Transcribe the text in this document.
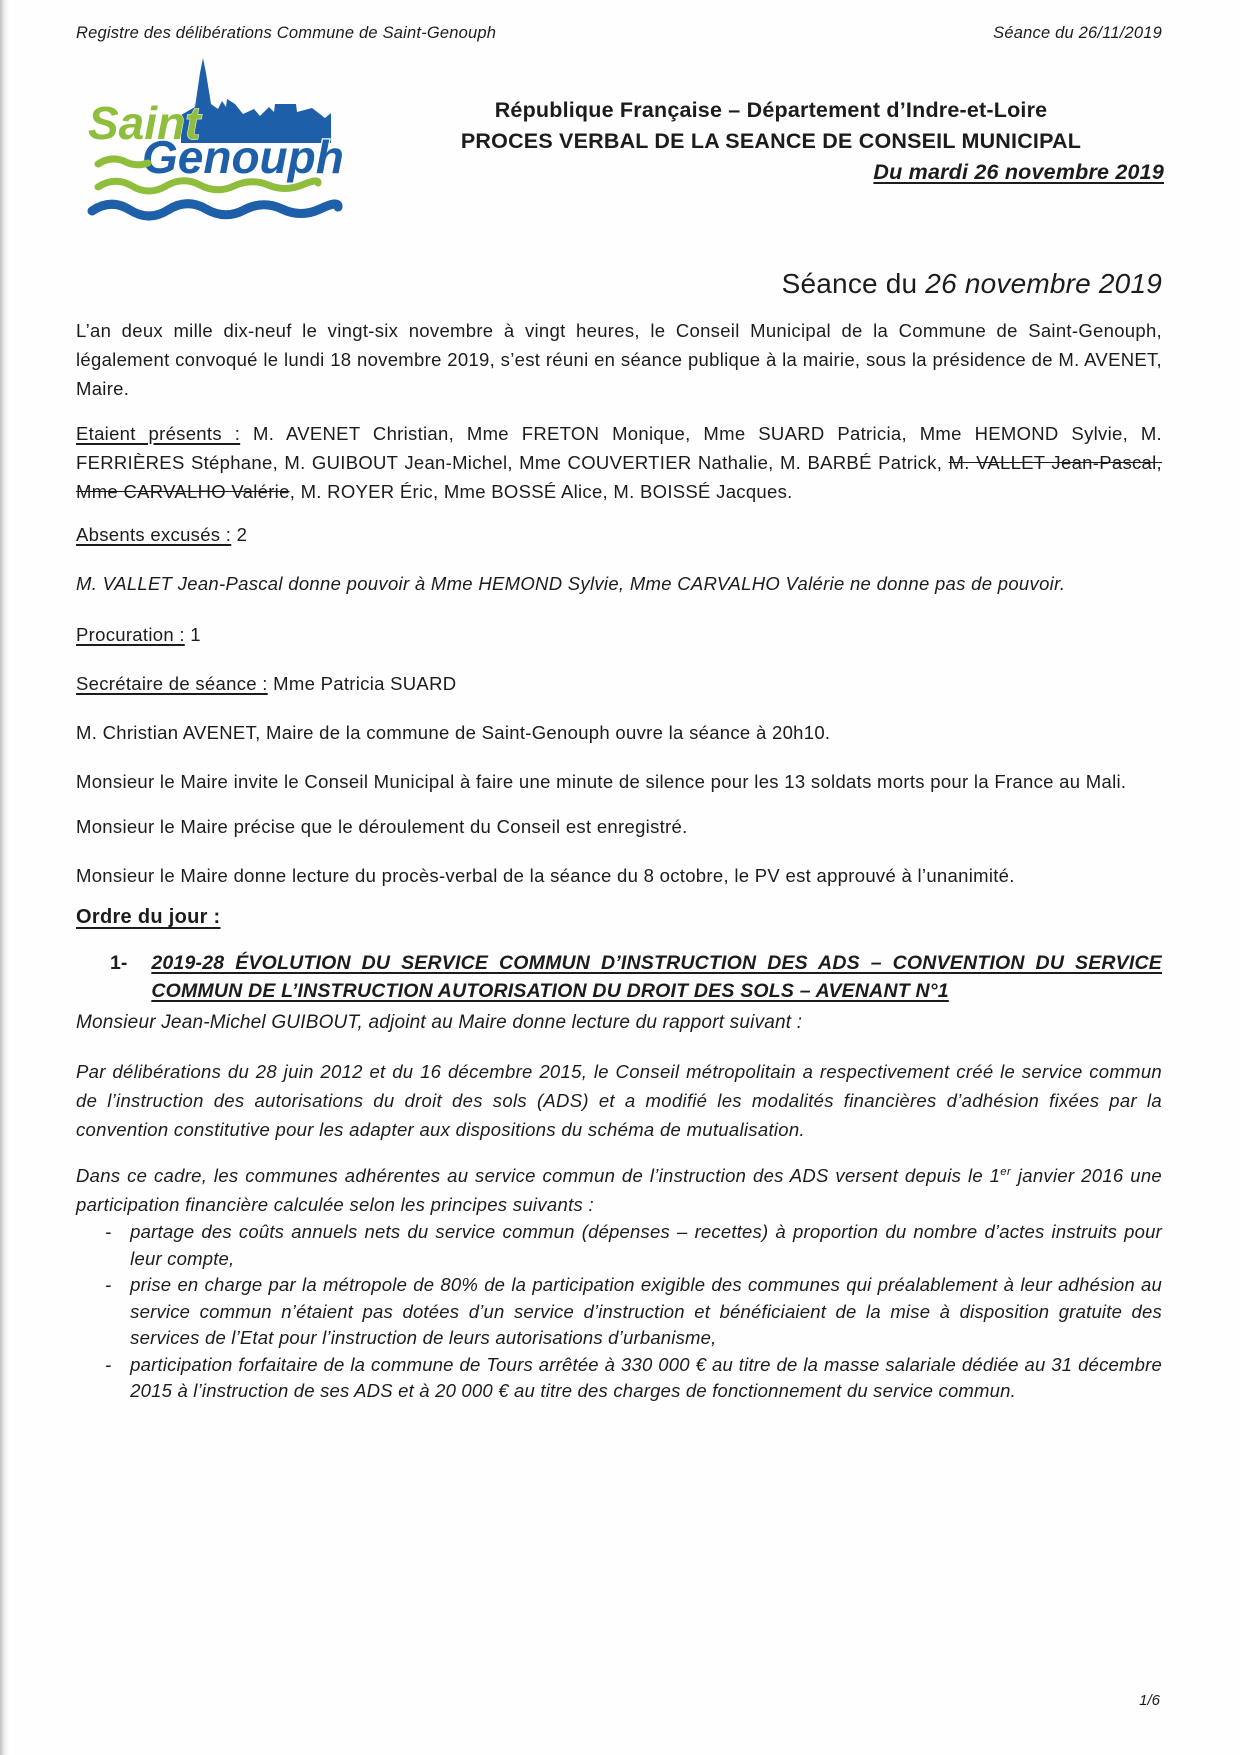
Registre des délibérations Commune de Saint-Genouph	Séance du 26/11/2019
Saint
Genouph
République Française – Département d’Indre-et-Loire
PROCES VERBAL DE LA SEANCE DE CONSEIL MUNICIPAL
Du mardi 26 novembre 2019
Séance du 26 novembre 2019

L’an deux mille dix-neuf le vingt-six novembre à vingt heures, le Conseil Municipal de la Commune de Saint-Genouph, légalement convoqué le lundi 18 novembre 2019, s’est réuni en séance publique à la mairie, sous la présidence de M. AVENET, Maire.

Etaient présents : M. AVENET Christian, Mme FRETON Monique, Mme SUARD Patricia, Mme HEMOND Sylvie, M. FERRIÈRES Stéphane, M. GUIBOUT Jean-Michel, Mme COUVERTIER Nathalie, M. BARBÉ Patrick, M. VALLET Jean-Pascal, Mme CARVALHO Valérie, M. ROYER Éric, Mme BOSSÉ Alice, M. BOISSÉ Jacques.

Absents excusés : 2

M. VALLET Jean-Pascal donne pouvoir à Mme HEMOND Sylvie, Mme CARVALHO Valérie ne donne pas de pouvoir.

Procuration : 1

Secrétaire de séance : Mme Patricia SUARD

M. Christian AVENET, Maire de la commune de Saint-Genouph ouvre la séance à 20h10.

Monsieur le Maire invite le Conseil Municipal à faire une minute de silence pour les 13 soldats morts pour la France au Mali.

Monsieur le Maire précise que le déroulement du Conseil est enregistré.

Monsieur le Maire donne lecture du procès-verbal de la séance du 8 octobre, le PV est approuvé à l’unanimité.

Ordre du jour :
1- 2019-28 ÉVOLUTION DU SERVICE COMMUN D’INSTRUCTION DES ADS – CONVENTION DU SERVICE COMMUN DE L’INSTRUCTION AUTORISATION DU DROIT DES SOLS – AVENANT N°1

Monsieur Jean-Michel GUIBOUT, adjoint au Maire donne lecture du rapport suivant :

Par délibérations du 28 juin 2012 et du 16 décembre 2015, le Conseil métropolitain a respectivement créé le service commun de l’instruction des autorisations du droit des sols (ADS) et a modifié les modalités financières d’adhésion fixées par la convention constitutive pour les adapter aux dispositions du schéma de mutualisation.

Dans ce cadre, les communes adhérentes au service commun de l’instruction des ADS versent depuis le 1er janvier 2016 une participation financière calculée selon les principes suivants :

- partage des coûts annuels nets du service commun (dépenses – recettes) à proportion du nombre d’actes instruits pour leur compte,
- prise en charge par la métropole de 80% de la participation exigible des communes qui préalablement à leur adhésion au service commun n’étaient pas dotées d’un service d’instruction et bénéficiaient de la mise à disposition gratuite des services de l’Etat pour l’instruction de leurs autorisations d’urbanisme,
- participation forfaitaire de la commune de Tours arrêtée à 330 000 € au titre de la masse salariale dédiée au 31 décembre 2015 à l’instruction de ses ADS et à 20 000 € au titre des charges de fonctionnement du service commun.
1/6
